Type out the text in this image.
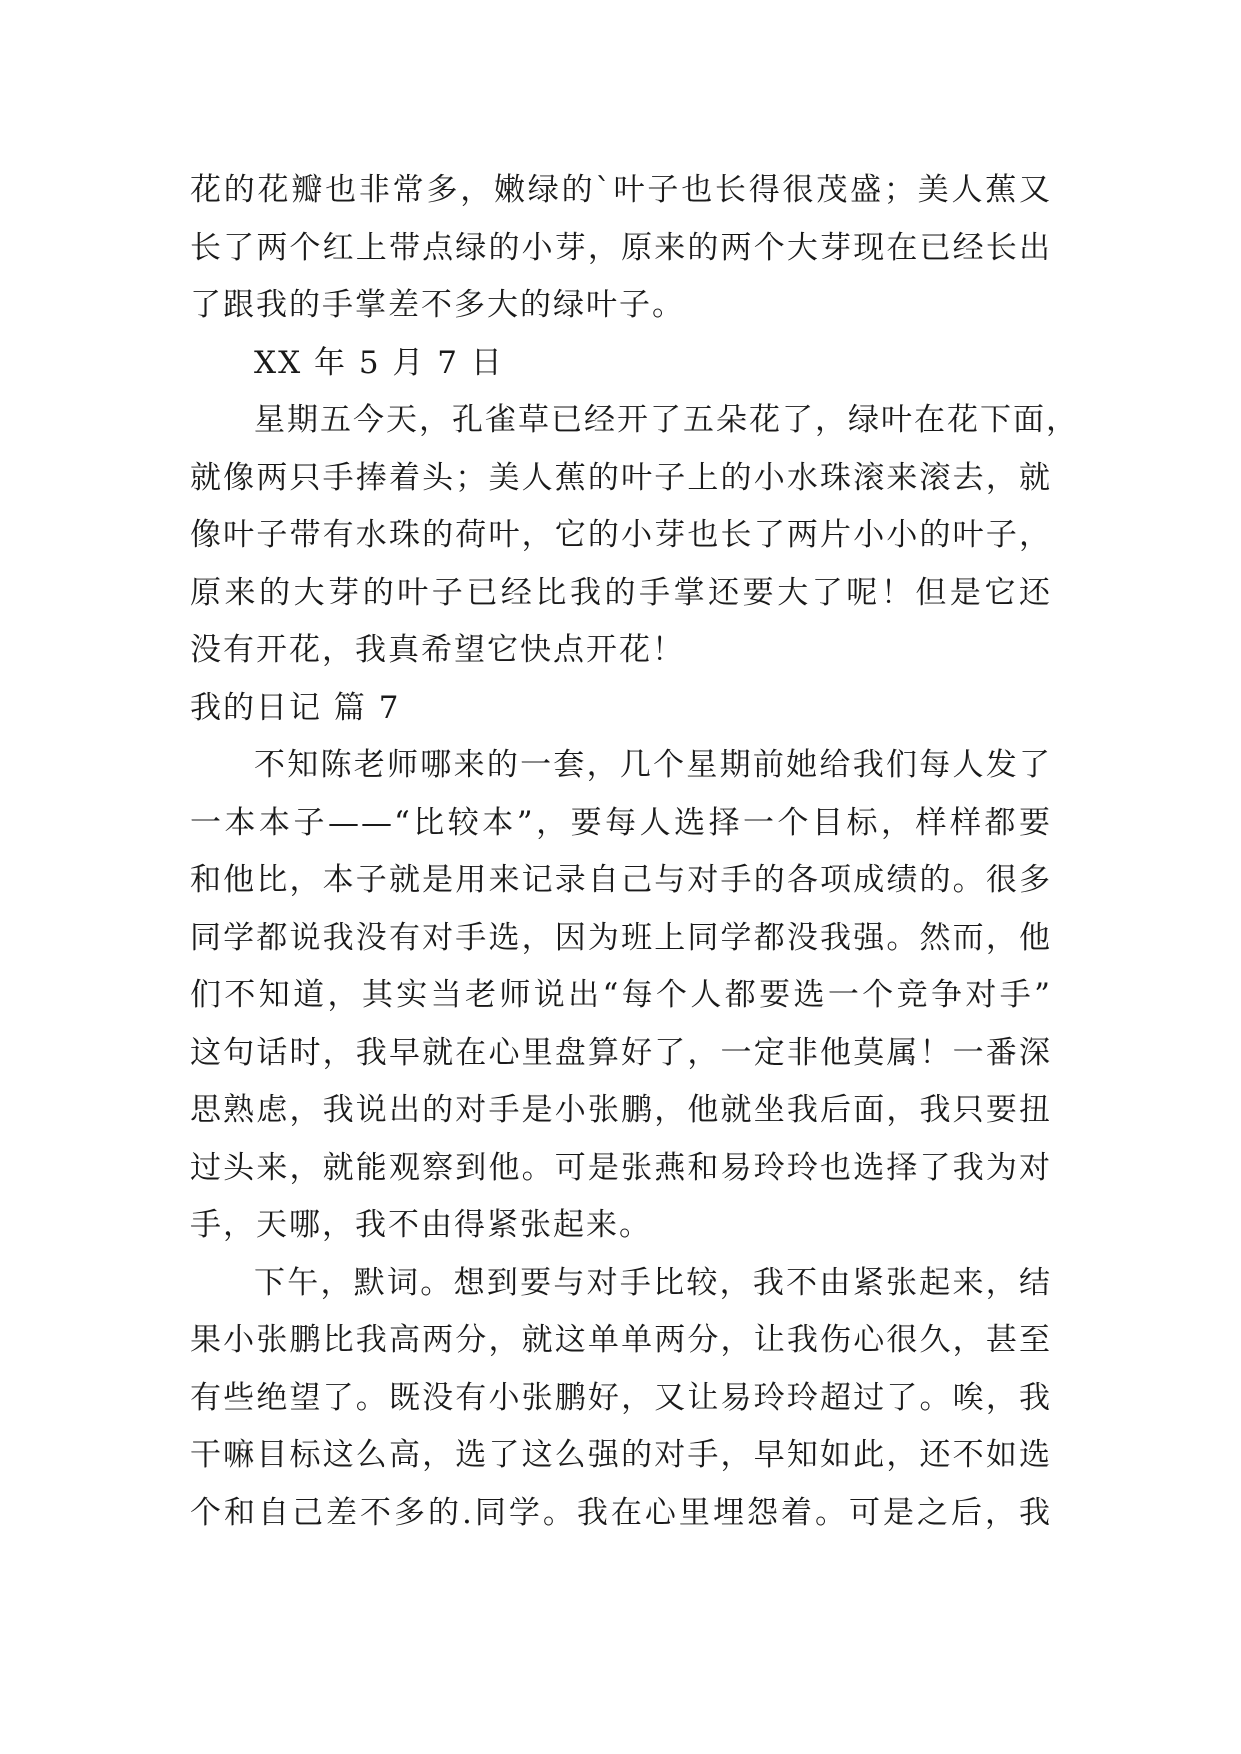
花的花瓣也非常多，嫩绿的`叶子也长得很茂盛；美人蕉又
长了两个红上带点绿的小芽，原来的两个大芽现在已经长出
了跟我的手掌差不多大的绿叶子。
XX 年 5 月 7 日
星期五今天，孔雀草已经开了五朵花了，绿叶在花下面，
就像两只手捧着头；美人蕉的叶子上的小水珠滚来滚去，就
像叶子带有水珠的荷叶，它的小芽也长了两片小小的叶子，
原来的大芽的叶子已经比我的手掌还要大了呢！但是它还
没有开花，我真希望它快点开花！
我的日记 篇 7
不知陈老师哪来的一套，几个星期前她给我们每人发了
一本本子——“比较本”，要每人选择一个目标，样样都要
和他比，本子就是用来记录自己与对手的各项成绩的。很多
同学都说我没有对手选，因为班上同学都没我强。然而，他
们不知道，其实当老师说出“每个人都要选一个竞争对手”
这句话时，我早就在心里盘算好了，一定非他莫属！一番深
思熟虑，我说出的对手是小张鹏，他就坐我后面，我只要扭
过头来，就能观察到他。可是张燕和易玲玲也选择了我为对
手，天哪，我不由得紧张起来。
下午，默词。想到要与对手比较，我不由紧张起来，结
果小张鹏比我高两分，就这单单两分，让我伤心很久，甚至
有些绝望了。既没有小张鹏好，又让易玲玲超过了。唉，我
干嘛目标这么高，选了这么强的对手，早知如此，还不如选
个和自己差不多的.同学。我在心里埋怨着。可是之后，我
